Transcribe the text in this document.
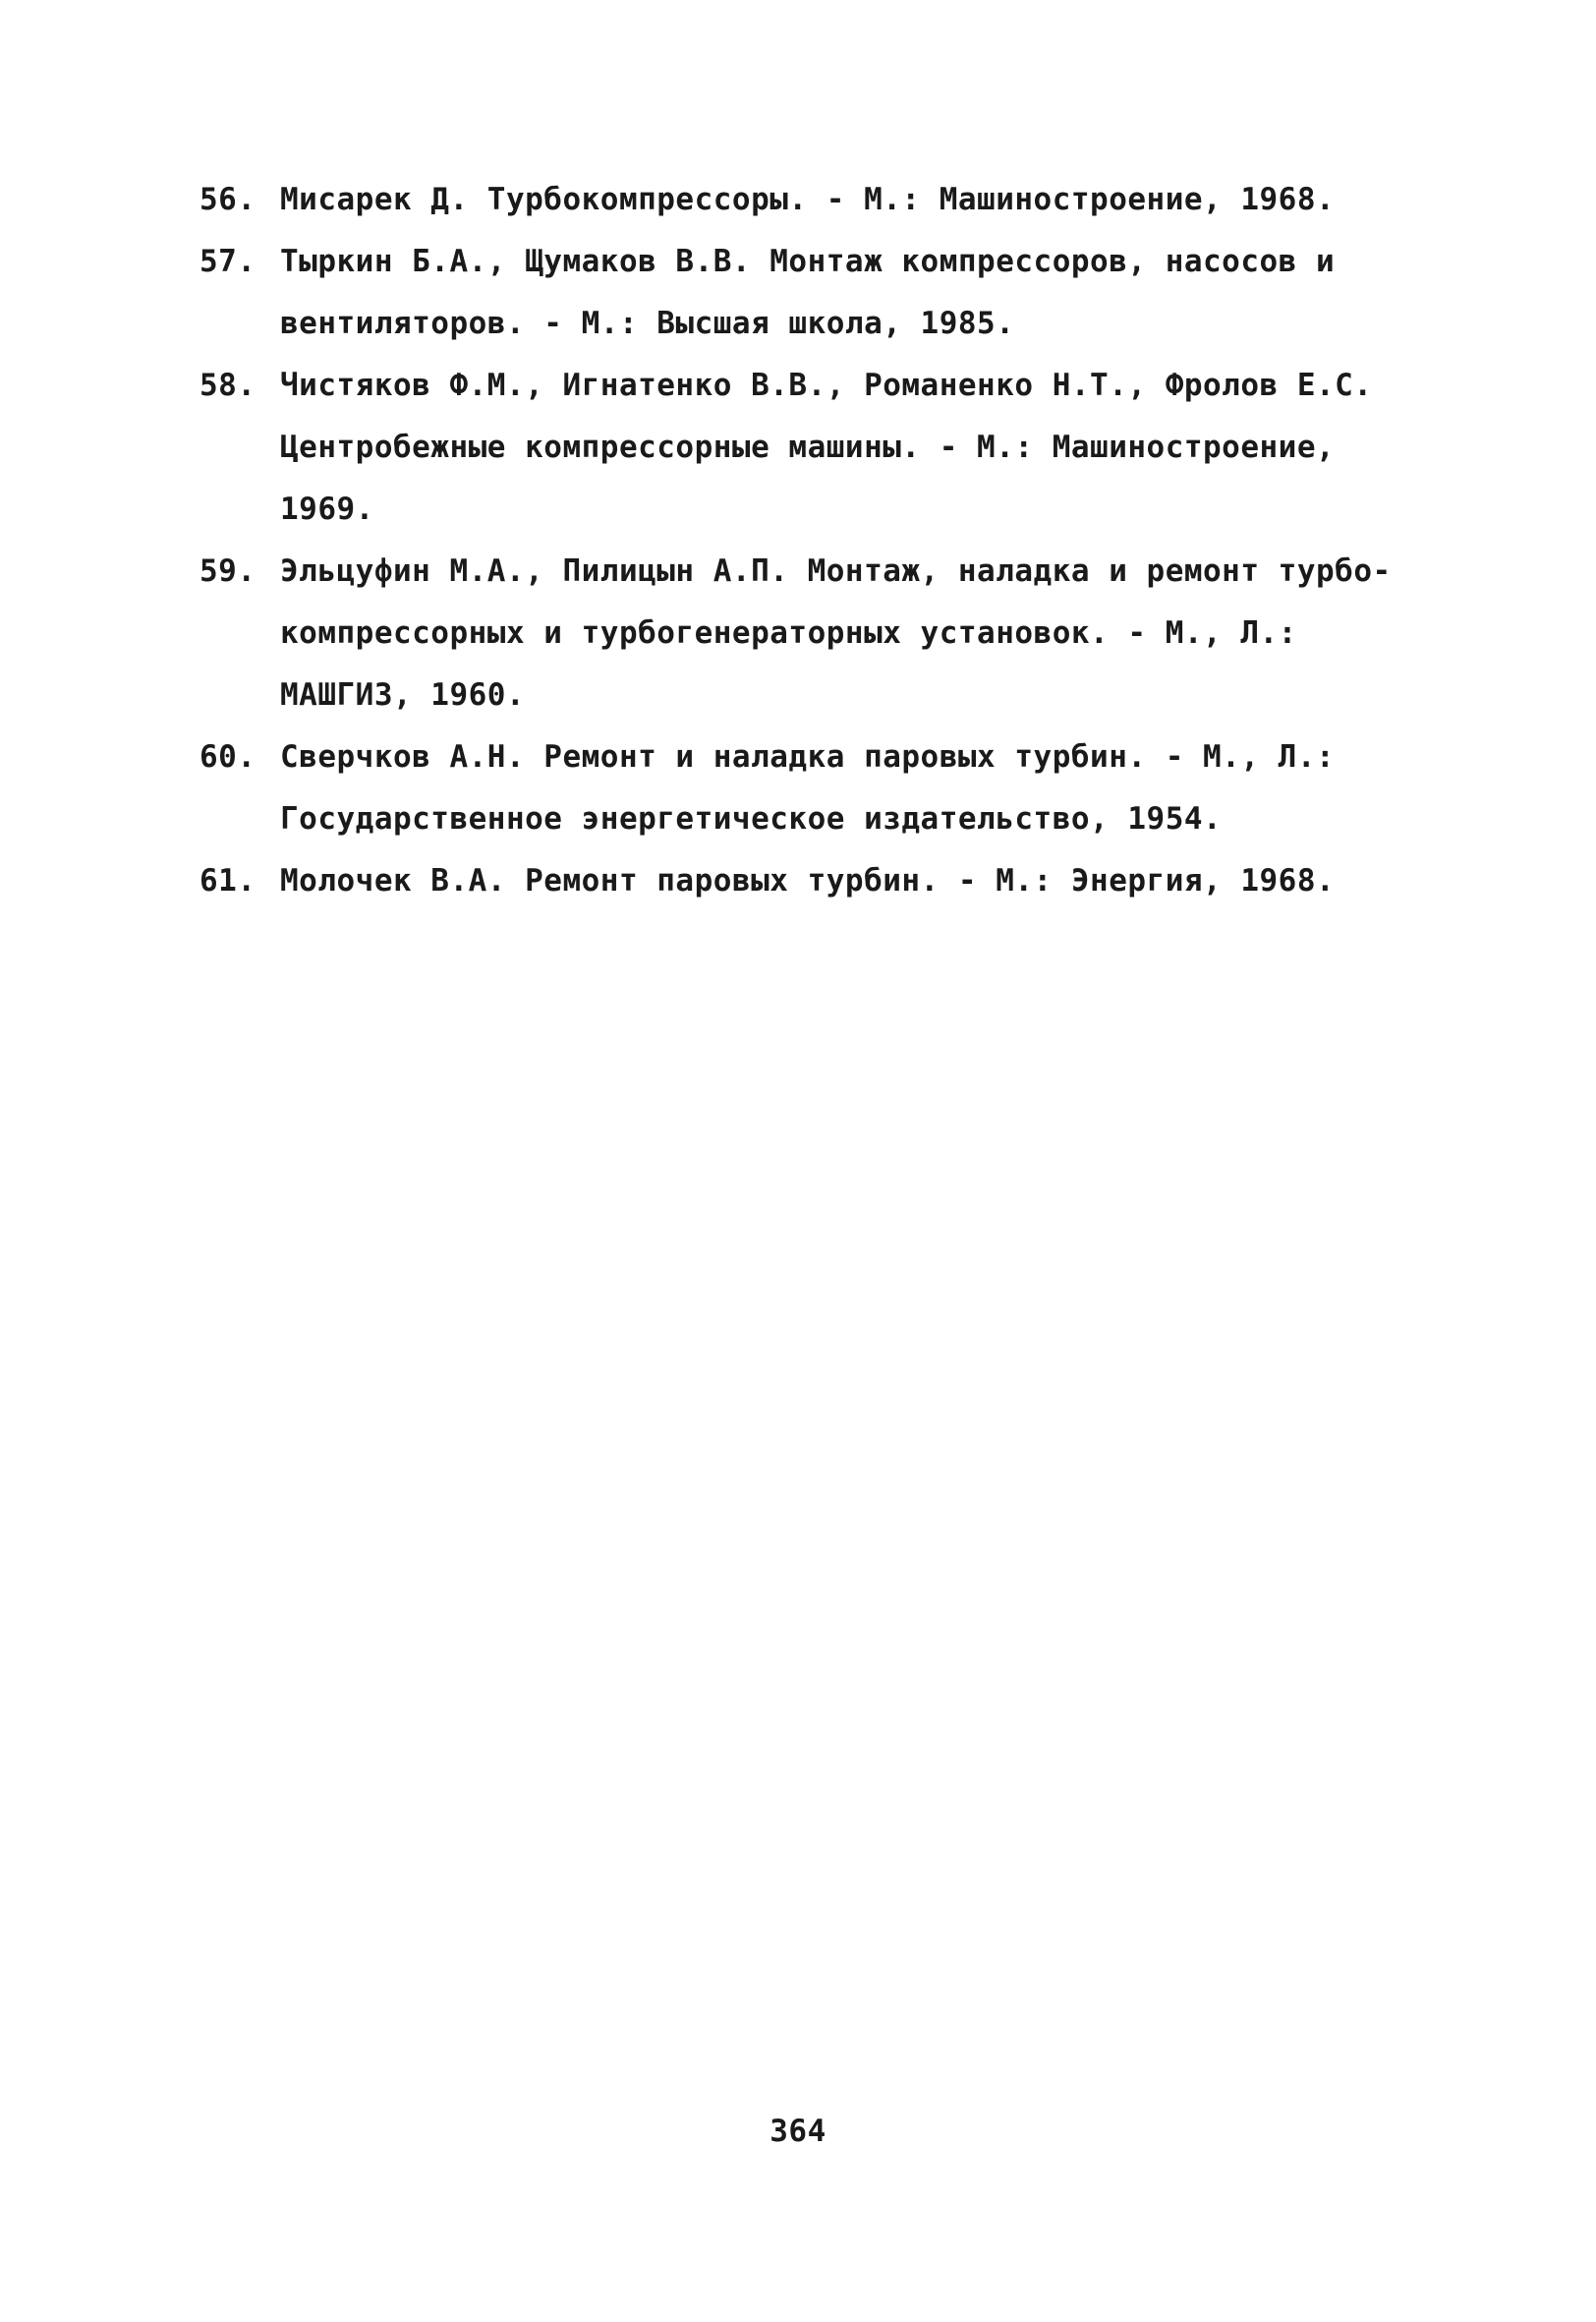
56. Мисарек Д. Турбокомпрессоры. - М.: Машиностроение, 1968.
57. Тыркин Б.А., Щумаков В.В. Монтаж компрессоров, насосов и
вентиляторов. - М.: Высшая школа, 1985.
58. Чистяков Ф.М., Игнатенко В.В., Романенко Н.Т., Фролов Е.С.
Центробежные компрессорные машины. - М.: Машиностроение,
1969.
59. Эльцуфин М.А., Пилицын А.П. Монтаж, наладка и ремонт турбо-
компрессорных и турбогенераторных установок. - М., Л.:
МАШГИЗ, 1960.
60. Сверчков А.Н. Ремонт и наладка паровых турбин. - М., Л.:
Государственное энергетическое издательство, 1954.
61. Молочек В.А. Ремонт паровых турбин. - М.: Энергия, 1968.
364
